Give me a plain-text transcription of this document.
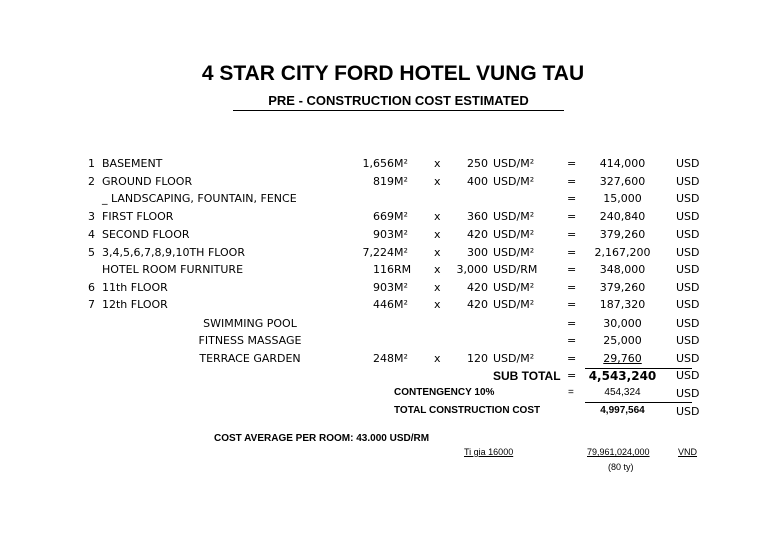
4 STAR CITY FORD HOTEL VUNG TAU
PRE - CONSTRUCTION COST ESTIMATED
1 BASEMENT	1,656 M² x 250 USD/M²	=	414,000	USD
2 GROUND FLOOR	819 M² x 400 USD/M²	=	327,600	USD
_ LANDSCAPING, FOUNTAIN, FENCE	=	15,000	USD
3 FIRST FLOOR	669 M² x 360 USD/M²	=	240,840	USD
4 SECOND FLOOR	903 M² x 420 USD/M²	=	379,260	USD
5 3,4,5,6,7,8,9,10TH FLOOR	7,224 M² x 300 USD/M²	=	2,167,200	USD
HOTEL ROOM FURNITURE	116 RM x 3,000 USD/RM	=	348,000	USD
6 11th FLOOR	903 M² x 420 USD/M²	=	379,260	USD
7 12th FLOOR	446 M² x 420 USD/M²	=	187,320	USD
SWIMMING POOL	=	30,000	USD
FITNESS MASSAGE	=	25,000	USD
TERRACE GARDEN	248 M² x 120 USD/M²	=	29,760	USD
SUB TOTAL =	4,543,240	USD
CONTENGENCY 10%	=	454,324	USD
TOTAL CONSTRUCTION COST	4,997,564	USD
COST AVERAGE PER ROOM: 43.000 USD/RM
Ti gia 16000	79,961,024,000	VND
(80 ty)
